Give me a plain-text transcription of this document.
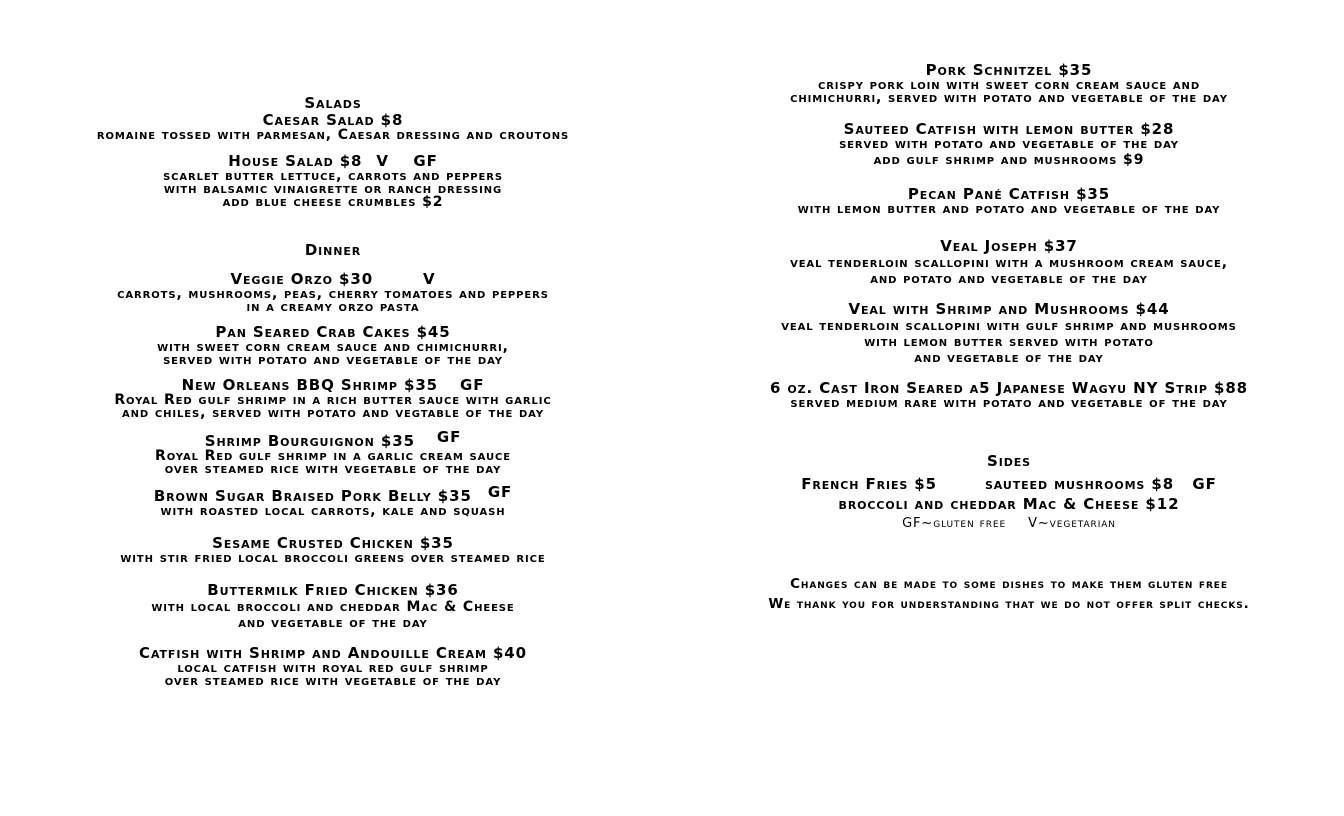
Salads
Caesar Salad $8
romaine tossed with parmesan, Caesar dressing and croutons
House Salad $8 V    GF
scarlet butter lettuce, carrots and peppers
with balsamic vinaigrette or ranch dressing
add blue cheese crumbles $2
Dinner
Veggie Orzo $30	V
carrots, mushrooms, peas, cherry tomatoes and peppers
in a creamy orzo pasta
Pan Seared Crab Cakes $45
with sweet corn cream sauce and chimichurri,
served with potato and vegetable of the day
New Orleans BBQ Shrimp $35 GF
Royal Red gulf shrimp in a rich butter sauce with garlic
and chiles, served with potato and vegtable of the day
Shrimp Bourguignon $35 GF
Royal Red gulf shrimp in a garlic cream sauce
over steamed rice with vegetable of the day
Brown Sugar Braised Pork Belly $35 GF
with roasted local carrots, kale and squash
Sesame Crusted Chicken $35
with stir fried local broccoli greens over steamed rice
Buttermilk Fried Chicken $36
with local broccoli and cheddar Mac & Cheese
and vegetable of the day
Catfish with Shrimp and Andouille Cream $40
local catfish with royal red gulf shrimp
over steamed rice with vegetable of the day
Pork Schnitzel $35
crispy pork loin with sweet corn cream sauce and
chimichurri, served with potato and vegetable of the day
Sauteed Catfish with lemon butter $28
served with potato and vegetable of the day
add gulf shrimp and mushrooms $9
Pecan Pané Catfish $35
with lemon butter and potato and vegetable of the day
Veal Joseph $37
veal tenderloin scallopini with a mushroom cream sauce,
and potato and vegetable of the day
Veal with Shrimp and Mushrooms $44
veal tenderloin scallopini with gulf shrimp and mushrooms
with lemon butter served with potato
and vegetable of the day
6 oz. Cast Iron Seared a5 Japanese Wagyu NY Strip $88
served medium rare with potato and vegetable of the day
Sides
French Fries $5	sauteed mushrooms $8   GF
broccoli and cheddar Mac & Cheese $12
GF~gluten free V~vegetarian
Changes can be made to some dishes to make them gluten free
We thank you for understanding that we do not offer split checks.
